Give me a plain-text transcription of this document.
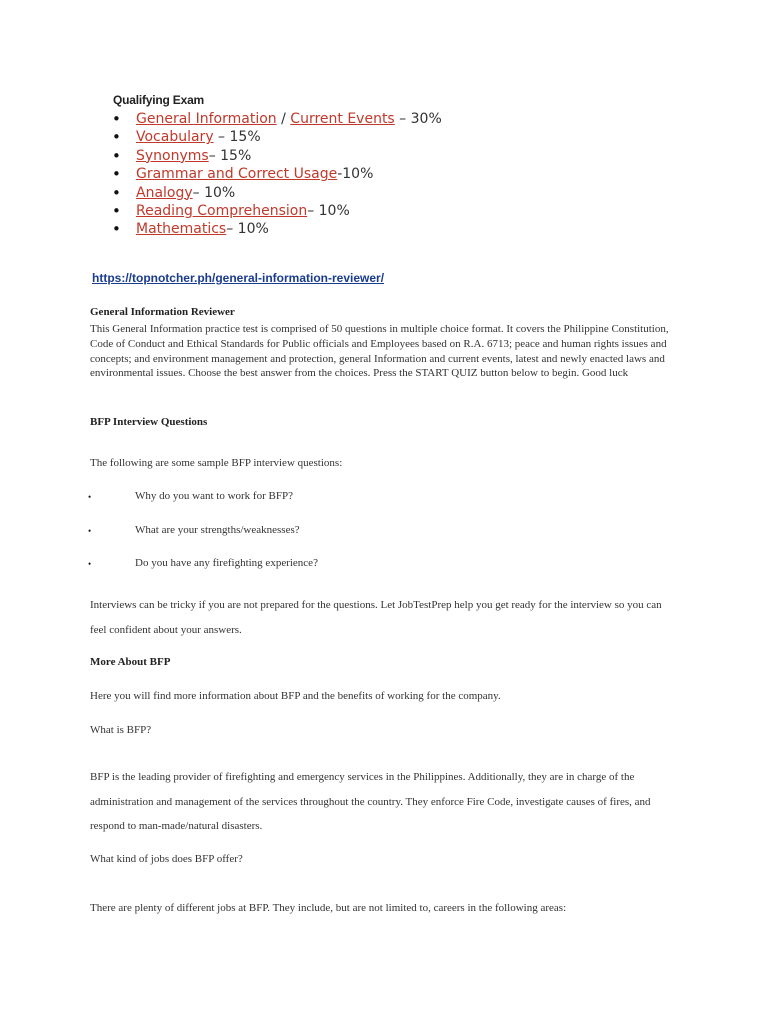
Qualifying Exam
• General Information / Current Events – 30%
• Vocabulary – 15%
• Synonyms– 15%
• Grammar and Correct Usage-10%
• Analogy– 10%
• Reading Comprehension– 10%
• Mathematics– 10%
https://topnotcher.ph/general-information-reviewer/
General Information Reviewer
This General Information practice test is comprised of 50 questions in multiple choice format. It covers the Philippine Constitution, Code of Conduct and Ethical Standards for Public officials and Employees based on R.A. 6713; peace and human rights issues and concepts; and environment management and protection, general Information and current events, latest and newly enacted laws and environmental issues. Choose the best answer from the choices. Press the START QUIZ button below to begin. Good luck
BFP Interview Questions
The following are some sample BFP interview questions:
•	Why do you want to work for BFP?
•	What are your strengths/weaknesses?
•	Do you have any firefighting experience?
Interviews can be tricky if you are not prepared for the questions. Let JobTestPrep help you get ready for the interview so you can feel confident about your answers.
More About BFP
Here you will find more information about BFP and the benefits of working for the company.
What is BFP?
BFP is the leading provider of firefighting and emergency services in the Philippines. Additionally, they are in charge of the administration and management of the services throughout the country. They enforce Fire Code, investigate causes of fires, and respond to man-made/natural disasters.
What kind of jobs does BFP offer?
There are plenty of different jobs at BFP. They include, but are not limited to, careers in the following areas:
